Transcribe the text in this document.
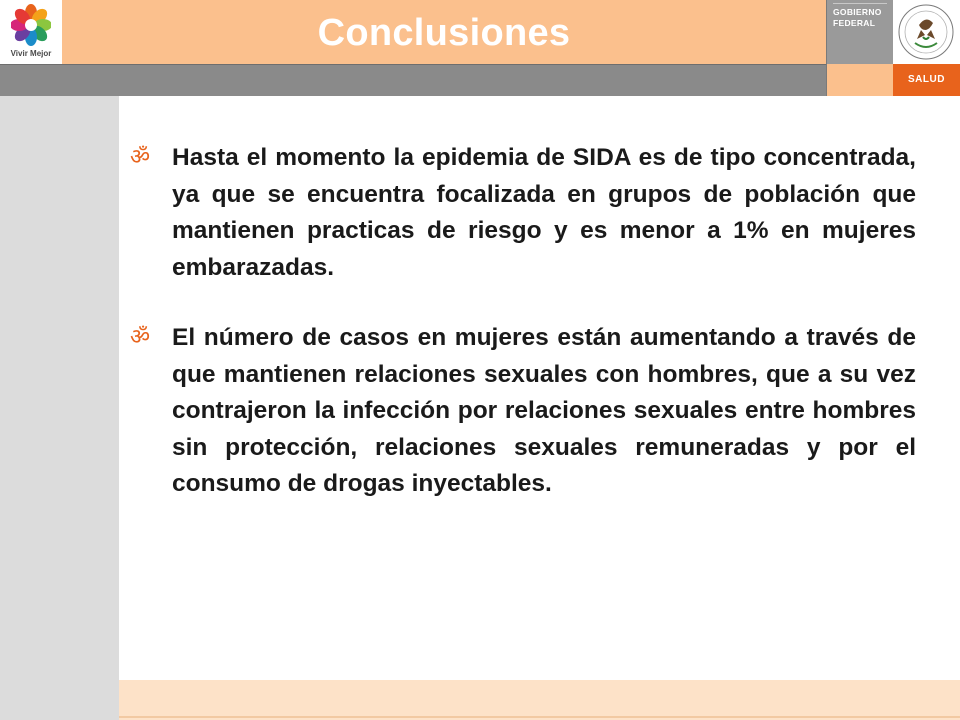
Vivir Mejor	Conclusiones	GOBIERNO
FEDERAL
SALUD
ॐ Hasta el momento la epidemia de SIDA es de tipo concentrada, ya que se encuentra focalizada en grupos de población que mantienen practicas de riesgo y es menor a 1% en mujeres embarazadas.
ॐ El número de casos en mujeres están aumentando a través de que mantienen relaciones sexuales con hombres, que a su vez contrajeron la infección por relaciones sexuales entre hombres sin protección, relaciones sexuales remuneradas y por el consumo de drogas inyectables.
